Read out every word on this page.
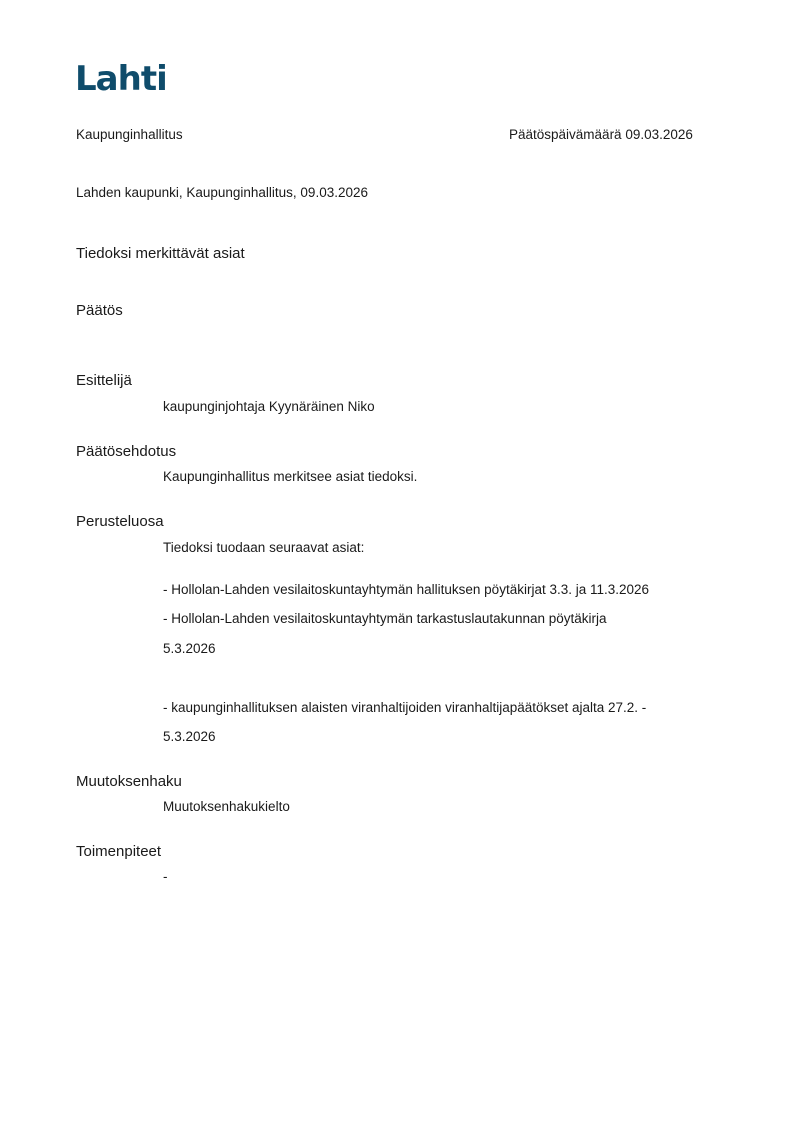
Lahti
Kaupunginhallitus	Päätöspäivämäärä 09.03.2026
Lahden kaupunki, Kaupunginhallitus, 09.03.2026
Tiedoksi merkittävät asiat
Päätös
Esittelijä
kaupunginjohtaja Kyynäräinen Niko
Päätösehdotus
Kaupunginhallitus merkitsee asiat tiedoksi.
Perusteluosa
Tiedoksi tuodaan seuraavat asiat:
- Hollolan-Lahden vesilaitoskuntayhtymän hallituksen pöytäkirjat 3.3. ja 11.3.2026
- Hollolan-Lahden vesilaitoskuntayhtymän tarkastuslautakunnan pöytäkirja
5.3.2026
- kaupunginhallituksen alaisten viranhaltijoiden viranhaltijapäätökset ajalta 27.2. -
5.3.2026
Muutoksenhaku
Muutoksenhakukielto
Toimenpiteet
-
